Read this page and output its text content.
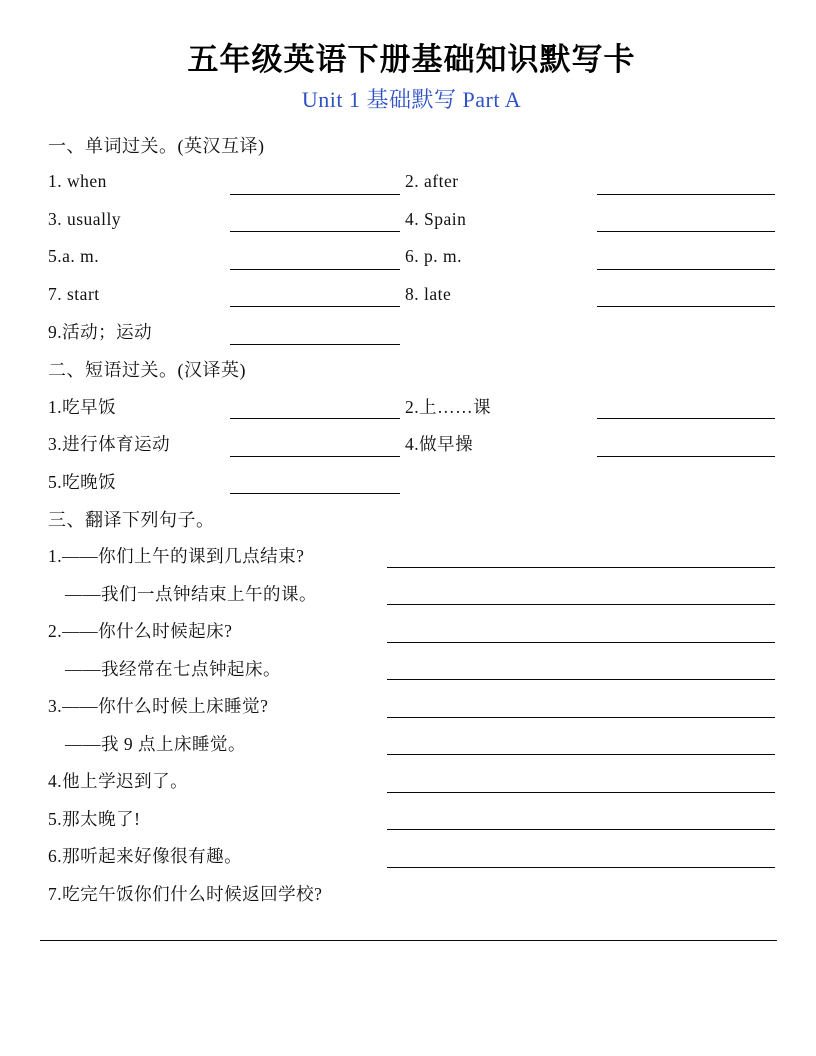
五年级英语下册基础知识默写卡
Unit 1 基础默写 Part A
一、单词过关。(英汉互译)
1. when	2. after
3. usually	4. Spain
5.a. m.	6. p. m.
7. start	8. late
9.活动；运动
二、短语过关。(汉译英)
1.吃早饭	2.上……课
3.进行体育运动	4.做早操
5.吃晚饭
三、翻译下列句子。
1.——你们上午的课到几点结束?
——我们一点钟结束上午的课。
2.——你什么时候起床?
——我经常在七点钟起床。
3.——你什么时候上床睡觉?
——我 9 点上床睡觉。
4.他上学迟到了。
5.那太晚了!
6.那听起来好像很有趣。
7.吃完午饭你们什么时候返回学校?
